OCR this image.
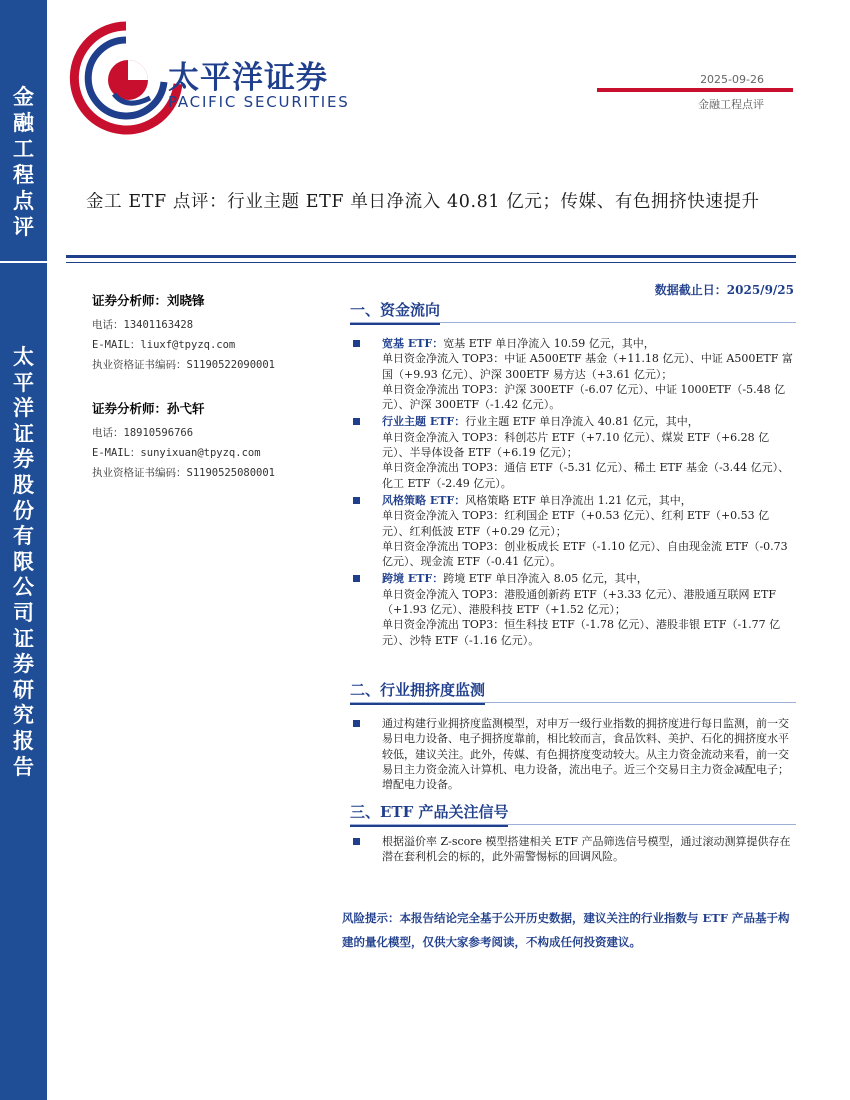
金
融
工
程
点
评
太
平
洋
证
券
股
份
有
限
公
司
证
券
研
究
报
告
太平洋证券
PACIFIC SECURITIES
2025-09-26
金融工程点评
金工 ETF 点评：行业主题 ETF 单日净流入 40.81 亿元；传媒、有色拥挤快速提升
数据截止日：2025/9/25
证券分析师：刘晓锋
电话：13401163428
E-MAIL：liuxf@tpyzq.com
执业资格证书编码：S1190522090001
证券分析师：孙弋轩
电话：18910596766
E-MAIL：sunyixuan@tpyzq.com
执业资格证书编码：S1190525080001
一、资金流向
宽基 ETF：宽基 ETF 单日净流入 10.59 亿元，其中，
单日资金净流入 TOP3：中证 A500ETF 基金（+11.18 亿元）、中证 A500ETF 富国（+9.93 亿元）、沪深 300ETF 易方达（+3.61 亿元）；
单日资金净流出 TOP3：沪深 300ETF（-6.07 亿元）、中证 1000ETF（-5.48 亿元）、沪深 300ETF（-1.42 亿元）。
行业主题 ETF：行业主题 ETF 单日净流入 40.81 亿元，其中，
单日资金净流入 TOP3：科创芯片 ETF（+7.10 亿元）、煤炭 ETF（+6.28 亿元）、半导体设备 ETF（+6.19 亿元）；
单日资金净流出 TOP3：通信 ETF（-5.31 亿元）、稀土 ETF 基金（-3.44 亿元）、化工 ETF（-2.49 亿元）。
风格策略 ETF：风格策略 ETF 单日净流出 1.21 亿元，其中，
单日资金净流入 TOP3：红利国企 ETF（+0.53 亿元）、红利 ETF（+0.53 亿元）、红利低波 ETF（+0.29 亿元）；
单日资金净流出 TOP3：创业板成长 ETF（-1.10 亿元）、自由现金流 ETF（-0.73 亿元）、现金流 ETF（-0.41 亿元）。
跨境 ETF：跨境 ETF 单日净流入 8.05 亿元，其中，
单日资金净流入 TOP3：港股通创新药 ETF（+3.33 亿元）、港股通互联网 ETF（+1.93 亿元）、港股科技 ETF（+1.52 亿元）；
单日资金净流出 TOP3：恒生科技 ETF（-1.78 亿元）、港股非银 ETF（-1.77 亿元）、沙特 ETF（-1.16 亿元）。
二、行业拥挤度监测
通过构建行业拥挤度监测模型，对申万一级行业指数的拥挤度进行每日监测，前一交易日电力设备、电子拥挤度靠前，相比较而言，食品饮料、美护、石化的拥挤度水平较低，建议关注。此外，传媒、有色拥挤度变动较大。从主力资金流动来看，前一交易日主力资金流入计算机、电力设备，流出电子。近三个交易日主力资金减配电子；增配电力设备。
三、ETF 产品关注信号
根据溢价率 Z-score 模型搭建相关 ETF 产品筛选信号模型，通过滚动测算提供存在潜在套利机会的标的，此外需警惕标的回调风险。
风险提示：本报告结论完全基于公开历史数据，建议关注的行业指数与 ETF 产品基于构建的量化模型，仅供大家参考阅读，不构成任何投资建议。
